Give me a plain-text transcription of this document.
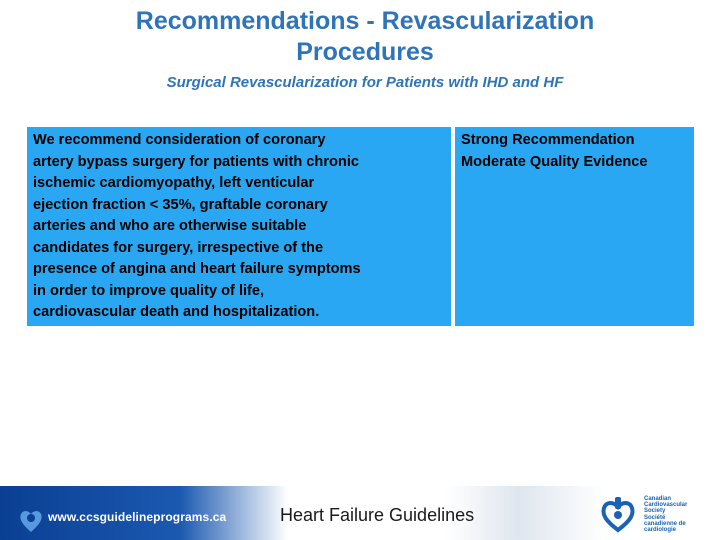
Recommendations - Revascularization
Procedures
Surgical Revascularization for Patients with IHD and HF

We recommend consideration of coronary

artery bypass surgery for patients with chronic

ischemic cardiomyopathy, left venticular

ejection fraction < 35%, graftable coronary

arteries and who are otherwise suitable

candidates for surgery, irrespective of the

presence of angina and heart failure symptoms

in order to improve quality of life,

cardiovascular death and hospitalization.

Strong Recommendation

Moderate Quality Evidence

www.ccsguidelineprograms.ca	Heart Failure Guidelines
Canadian
Cardiovascular
Society
Société
canadienne de
cardiologie
